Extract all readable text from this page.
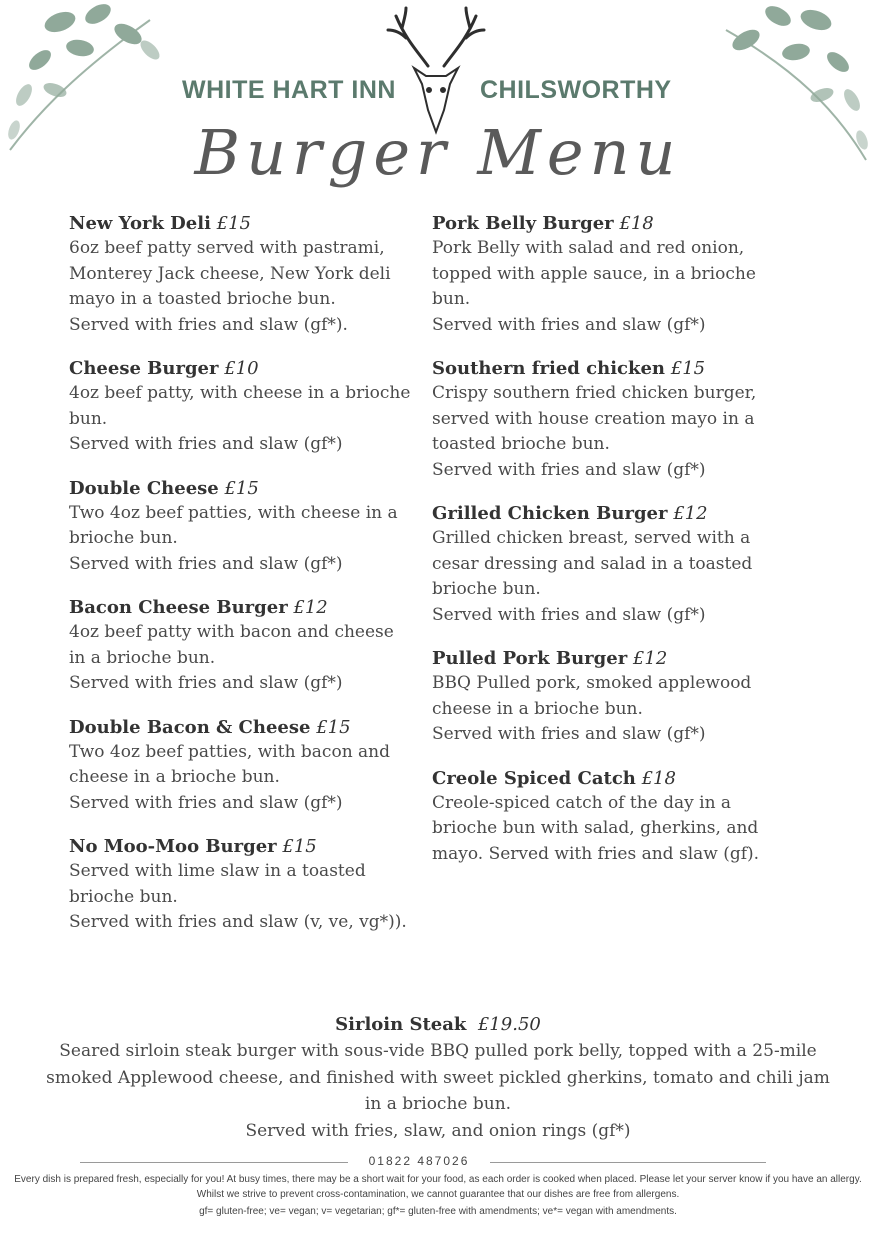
WHITE HART INN	CHILSWORTHY
Burger Menu
New York Deli £15

6oz beef patty served with pastrami, Monterey Jack cheese, New York deli mayo in a toasted brioche bun.

Served with fries and slaw (gf*).

Cheese Burger £10

4oz beef patty, with cheese in a brioche bun.

Served with fries and slaw (gf*)

Double Cheese £15

Two 4oz beef patties, with cheese in a brioche bun.

Served with fries and slaw (gf*)

Bacon Cheese Burger £12

4oz beef patty with bacon and cheese in a brioche bun.

Served with fries and slaw (gf*)

Double Bacon & Cheese £15

Two 4oz beef patties, with bacon and cheese in a brioche bun.

Served with fries and slaw (gf*)

No Moo-Moo Burger £15

Served with lime slaw in a toasted brioche bun.

Served with fries and slaw (v, ve, vg*)).

Pork Belly Burger £18

Pork Belly with salad and red onion, topped with apple sauce, in a brioche bun.

Served with fries and slaw (gf*)

Southern fried chicken £15

Crispy southern fried chicken burger, served with house creation mayo in a toasted brioche bun.

Served with fries and slaw (gf*)

Grilled Chicken Burger £12

Grilled chicken breast, served with a cesar dressing and salad in a toasted brioche bun.

Served with fries and slaw (gf*)

Pulled Pork Burger £12

BBQ Pulled pork, smoked applewood cheese in a brioche bun.

Served with fries and slaw (gf*)

Creole Spiced Catch £18

Creole-spiced catch of the day in a brioche bun with salad, gherkins, and mayo. Served with fries and slaw (gf).

Sirloin Steak £19.50

Seared sirloin steak burger with sous-vide BBQ pulled pork belly, topped with a 25-mile smoked Applewood cheese, and finished with sweet pickled gherkins, tomato and chili jam in a brioche bun.

Served with fries, slaw, and onion rings (gf*)

01822 487026
Every dish is prepared fresh, especially for you! At busy times, there may be a short wait for your food, as each order is cooked when placed. Please let your server know if you have an allergy. Whilst we strive to prevent cross-contamination, we cannot guarantee that our dishes are free from allergens.
gf= gluten-free; ve= vegan; v= vegetarian; gf*= gluten-free with amendments; ve*= vegan with amendments.
